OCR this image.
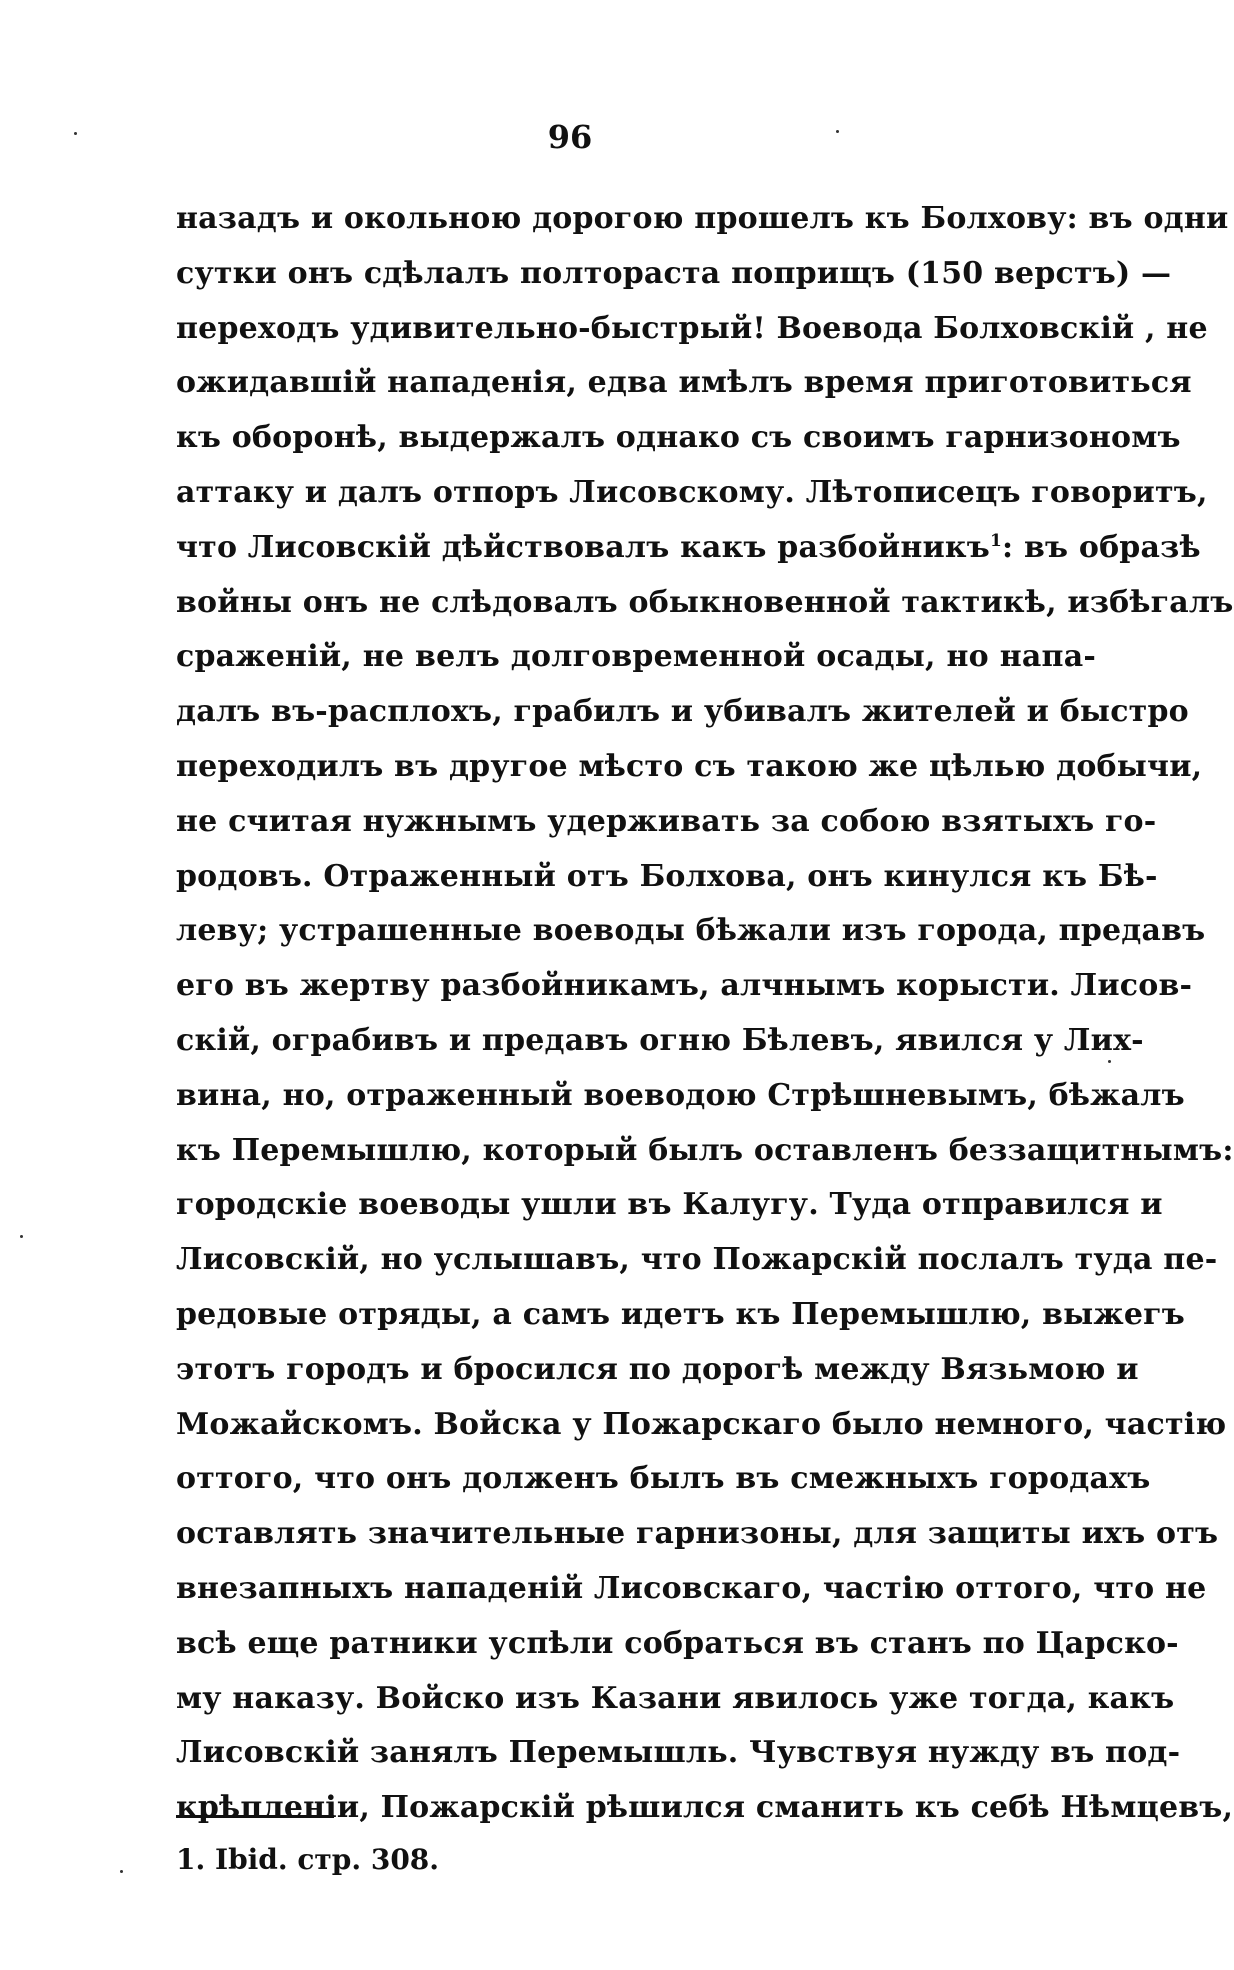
96
назадъ и окольною дорогою прошелъ къ Болхову: въ одни
сутки онъ сдѣлалъ полтораста поприщъ (150 верстъ) —
переходъ удивительно-быстрый! Воевода Болховскій , не
ожидавшій нападенія, едва имѣлъ время приготовиться
къ оборонѣ, выдержалъ однако съ своимъ гарнизономъ
аттаку и далъ отпоръ Лисовскому. Лѣтописецъ говоритъ,
что Лисовскій дѣйствовалъ какъ разбойникъ$^1$: въ образѣ
войны онъ не слѣдовалъ обыкновенной тактикѣ, избѣгалъ
сраженій, не велъ долговременной осады, но напа-
далъ въ-расплохъ, грабилъ и убивалъ жителей и быстро
переходилъ въ другое мѣсто съ такою же цѣлью добычи,
не считая нужнымъ удерживать за собою взятыхъ го-
родовъ. Отраженный отъ Болхова, онъ кинулся къ Бѣ-
леву; устрашенные воеводы бѣжали изъ города, предавъ
его въ жертву разбойникамъ, алчнымъ корысти. Лисов-
скій, ограбивъ и предавъ огню Бѣлевъ, явился у Лих-
вина, но, отраженный воеводою Стрѣшневымъ, бѣжалъ
къ Перемышлю, который былъ оставленъ беззащитнымъ:
городскіе воеводы ушли въ Калугу. Туда отправился и
Лисовскій, но услышавъ, что Пожарскій послалъ туда пе-
редовые отряды, а самъ идетъ къ Перемышлю, выжегъ
этотъ городъ и бросился по дорогѣ между Вязьмою и
Можайскомъ. Войска у Пожарскаго было немного, частію
оттого, что онъ долженъ былъ въ смежныхъ городахъ
оставлять значительные гарнизоны, для защиты ихъ отъ
внезапныхъ нападеній Лисовскаго, частію оттого, что не
всѣ еще ратники успѣли собраться въ станъ по Царско-
му наказу. Войско изъ Казани явилось уже тогда, какъ
Лисовскій занялъ Перемышль. Чувствуя нужду въ под-
крѣпленіи, Пожарскій рѣшился сманить къ себѣ Нѣмцевъ,
1. Ibid. стр. 308.
